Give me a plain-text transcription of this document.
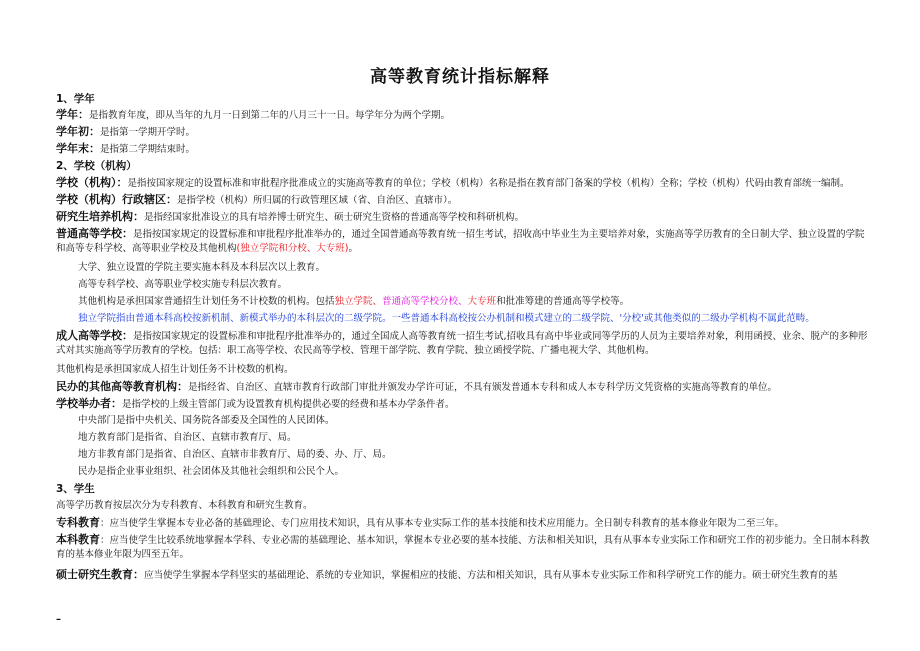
高等教育统计指标解释
1、学年
学年：是指教育年度，即从当年的九月一日到第二年的八月三十一日。每学年分为两个学期。
学年初：是指第一学期开学时。
学年末：是指第二学期结束时。
2、学校（机构）
学校（机构）：是指按国家规定的设置标准和审批程序批准成立的实施高等教育的单位；学校（机构）名称是指在教育部门备案的学校（机构）全称；学校（机构）代码由教育部统一编制。
学校（机构）行政辖区：是指学校（机构）所归属的行政管理区域（省、自治区、直辖市）。
研究生培养机构：是指经国家批准设立的具有培养博士研究生、硕士研究生资格的普通高等学校和科研机构。
普通高等学校：是指按国家规定的设置标准和审批程序批准举办的，通过全国普通高等教育统一招生考试，招收高中毕业生为主要培养对象，实施高等学历教育的全日制大学、独立设置的学院和高等专科学校、高等职业学校及其他机构(独立学院和分校、大专班)。
大学、独立设置的学院主要实施本科及本科层次以上教育。
高等专科学校、高等职业学校实施专科层次教育。
其他机构是承担国家普通招生计划任务不计校数的机构。包括独立学院、普通高等学校分校、大专班和批准筹建的普通高等学校等。
独立学院指由普通本科高校按新机制、新模式举办的本科层次的二级学院。一些普通本科高校按公办机制和模式建立的二级学院、'分校'或其他类似的二级办学机构不属此范畴。
成人高等学校：是指按国家规定的设置标准和审批程序批准举办的，通过全国成人高等教育统一招生考试,招收具有高中毕业或同等学历的人员为主要培养对象，利用函授、业余、脱产的多种形式对其实施高等学历教育的学校。包括：职工高等学校、农民高等学校、管理干部学院、教育学院、独立函授学院、广播电视大学、其他机构。
其他机构是承担国家成人招生计划任务不计校数的机构。
民办的其他高等教育机构：是指经省、自治区、直辖市教育行政部门审批并颁发办学许可证，不具有颁发普通本专科和成人本专科学历文凭资格的实施高等教育的单位。
学校举办者：是指学校的上级主管部门或为设置教育机构提供必要的经费和基本办学条件者。
中央部门是指中央机关、国务院各部委及全国性的人民团体。
地方教育部门是指省、自治区、直辖市教育厅、局。
地方非教育部门是指省、自治区、直辖市非教育厅、局的委、办、厅、局。
民办是指企业事业组织、社会团体及其他社会组织和公民个人。
3、学生
高等学历教育按层次分为专科教育、本科教育和研究生教育。
专科教育：应当使学生掌握本专业必备的基础理论、专门应用技术知识，具有从事本专业实际工作的基本技能和技术应用能力。全日制专科教育的基本修业年限为二至三年。
本科教育：应当使学生比较系统地掌握本学科、专业必需的基础理论、基本知识，掌握本专业必要的基本技能、方法和相关知识，具有从事本专业实际工作和研究工作的初步能力。全日制本科教育的基本修业年限为四至五年。
硕士研究生教育：应当使学生掌握本学科坚实的基础理论、系统的专业知识，掌握相应的技能、方法和相关知识，具有从事本专业实际工作和科学研究工作的能力。硕士研究生教育的基
–
